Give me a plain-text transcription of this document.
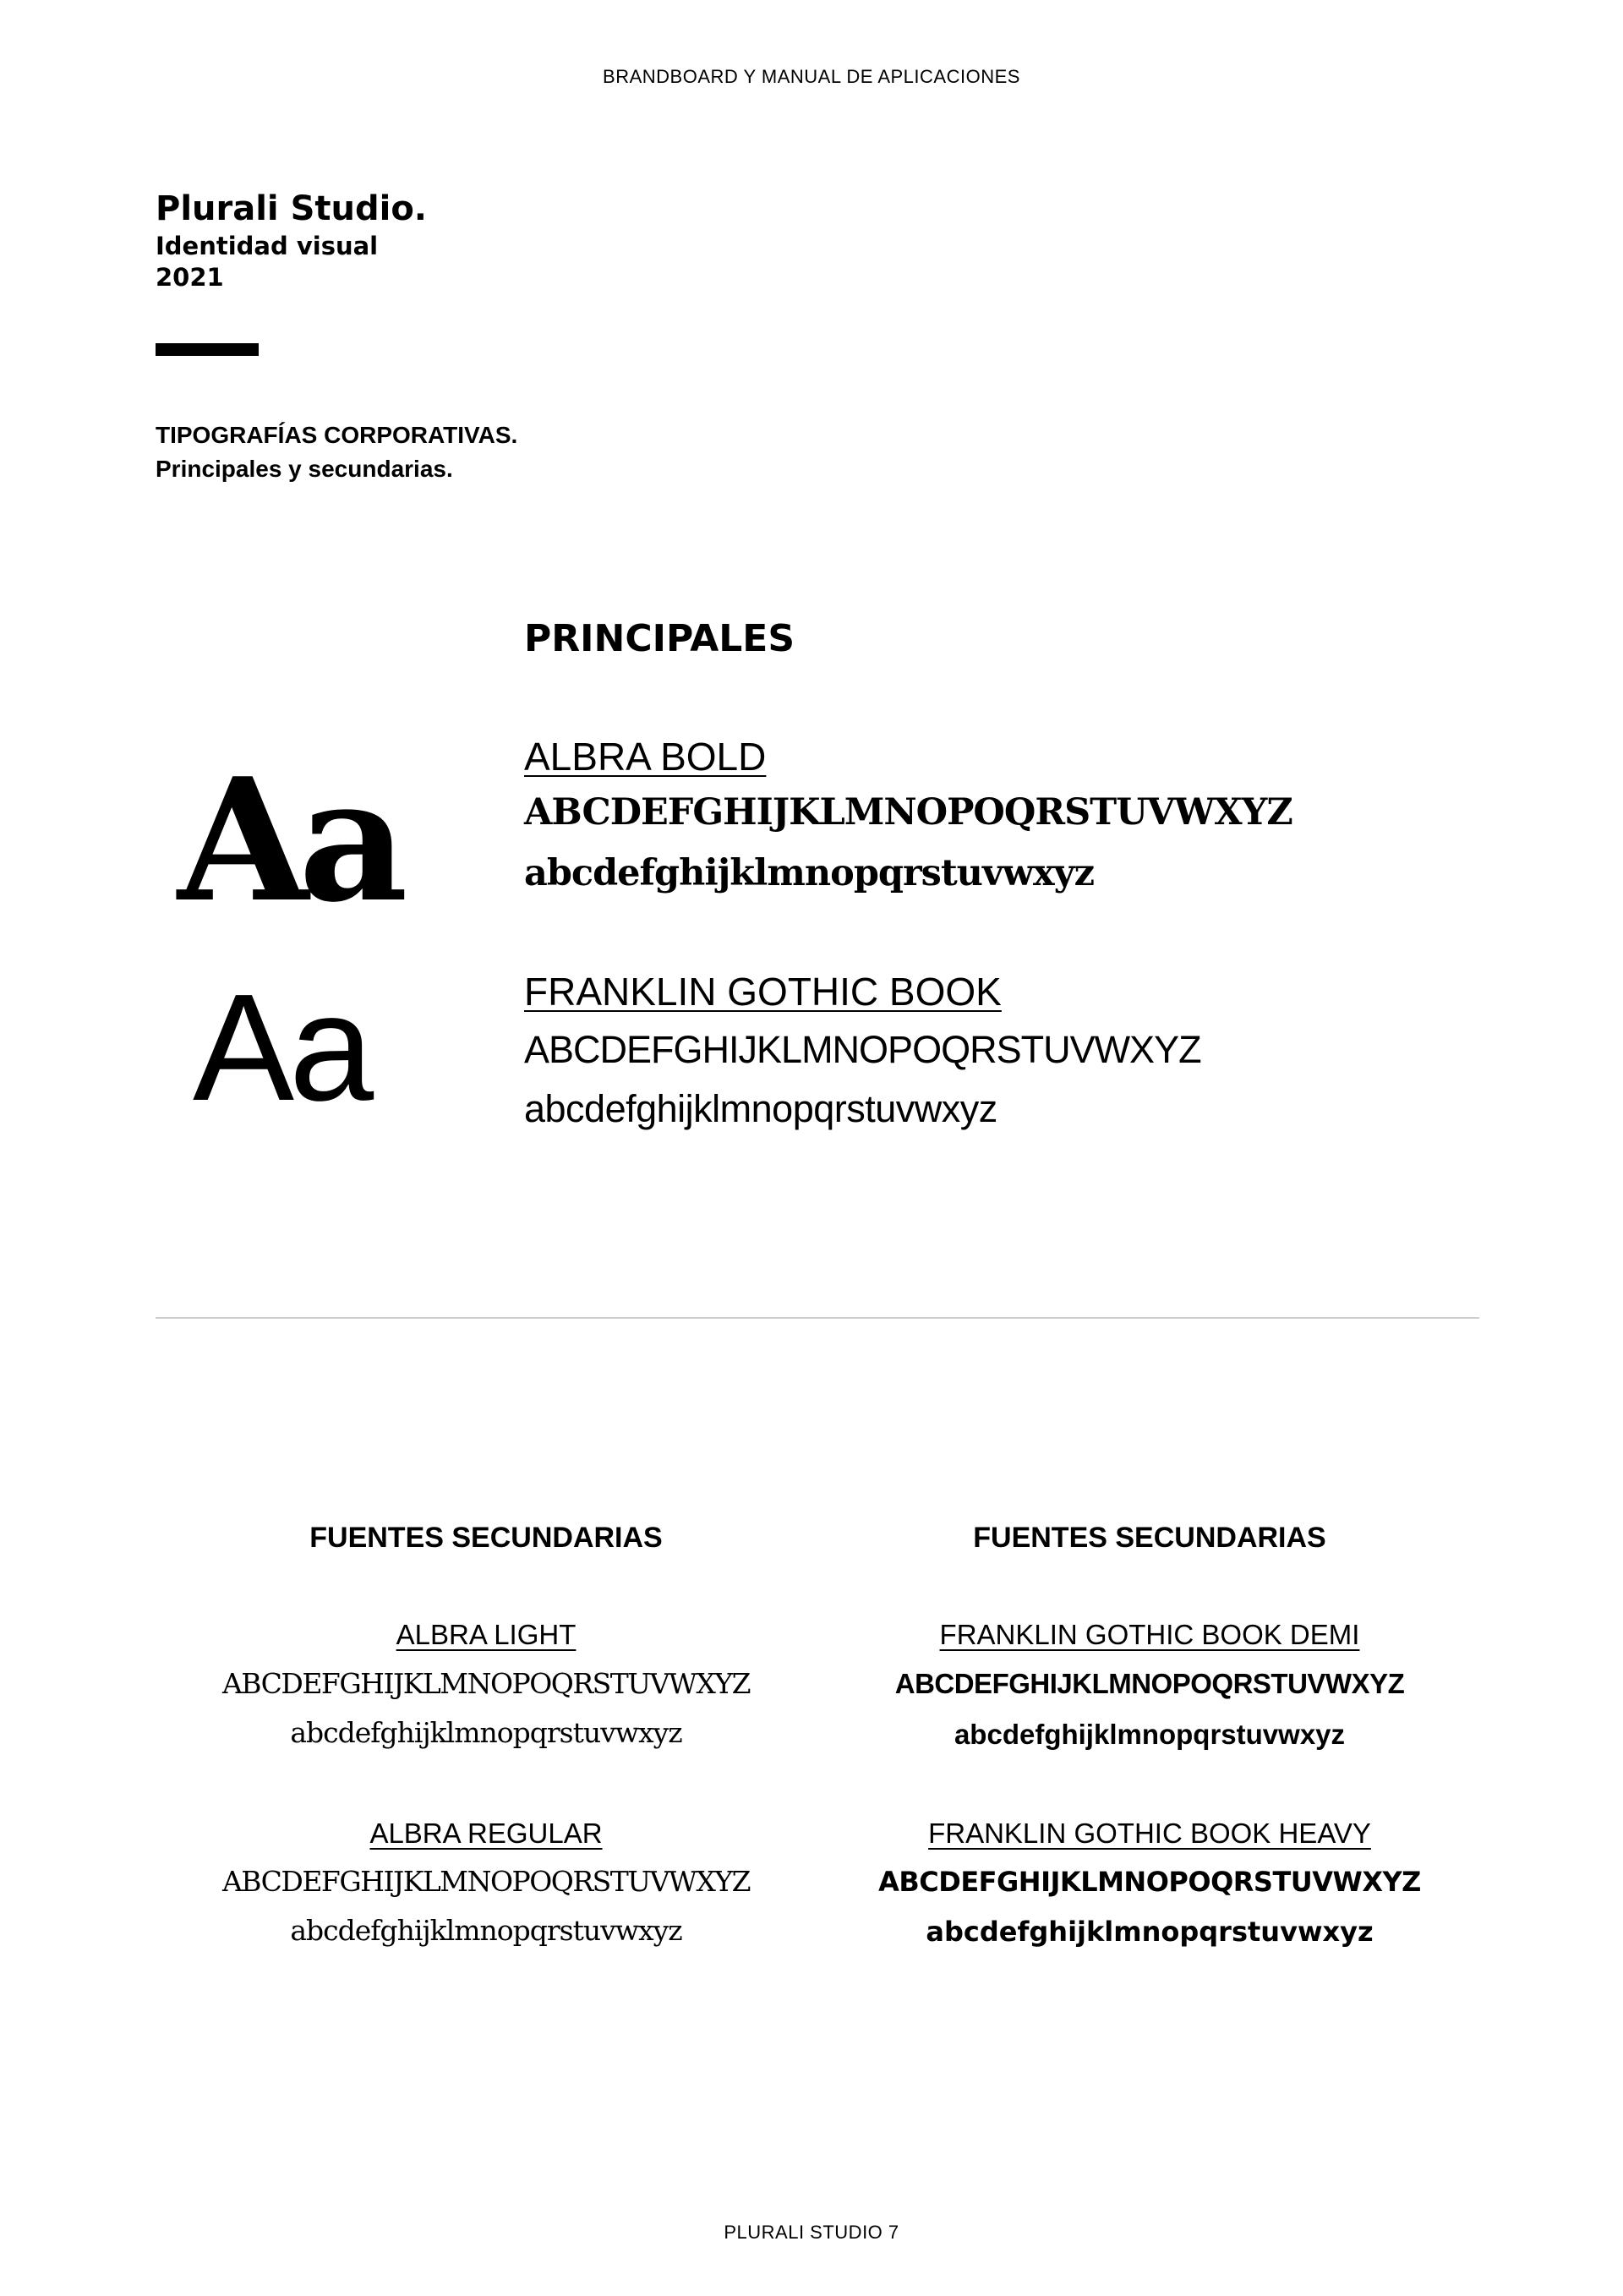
BRANDBOARD Y MANUAL DE APLICACIONES
Plurali Studio.
Identidad visual
2021
TIPOGRAFÍAS CORPORATIVAS.
Principales y secundarias.
PRINCIPALES
Aa	ALBRA BOLD
ABCDEFGHIJKLMNOPOQRSTUVWXYZ
abcdefghijklmnopqrstuvwxyz
Aa	FRANKLIN GOTHIC BOOK
ABCDEFGHIJKLMNOPOQRSTUVWXYZ
abcdefghijklmnopqrstuvwxyz
FUENTES SECUNDARIAS
ALBRA LIGHT
ABCDEFGHIJKLMNOPOQRSTUVWXYZ
abcdefghijklmnopqrstuvwxyz
ALBRA REGULAR
ABCDEFGHIJKLMNOPOQRSTUVWXYZ
abcdefghijklmnopqrstuvwxyz
FUENTES SECUNDARIAS
FRANKLIN GOTHIC BOOK DEMI
ABCDEFGHIJKLMNOPOQRSTUVWXYZ
abcdefghijklmnopqrstuvwxyz
FRANKLIN GOTHIC BOOK HEAVY
ABCDEFGHIJKLMNOPOQRSTUVWXYZ
abcdefghijklmnopqrstuvwxyz
PLURALI STUDIO 7
